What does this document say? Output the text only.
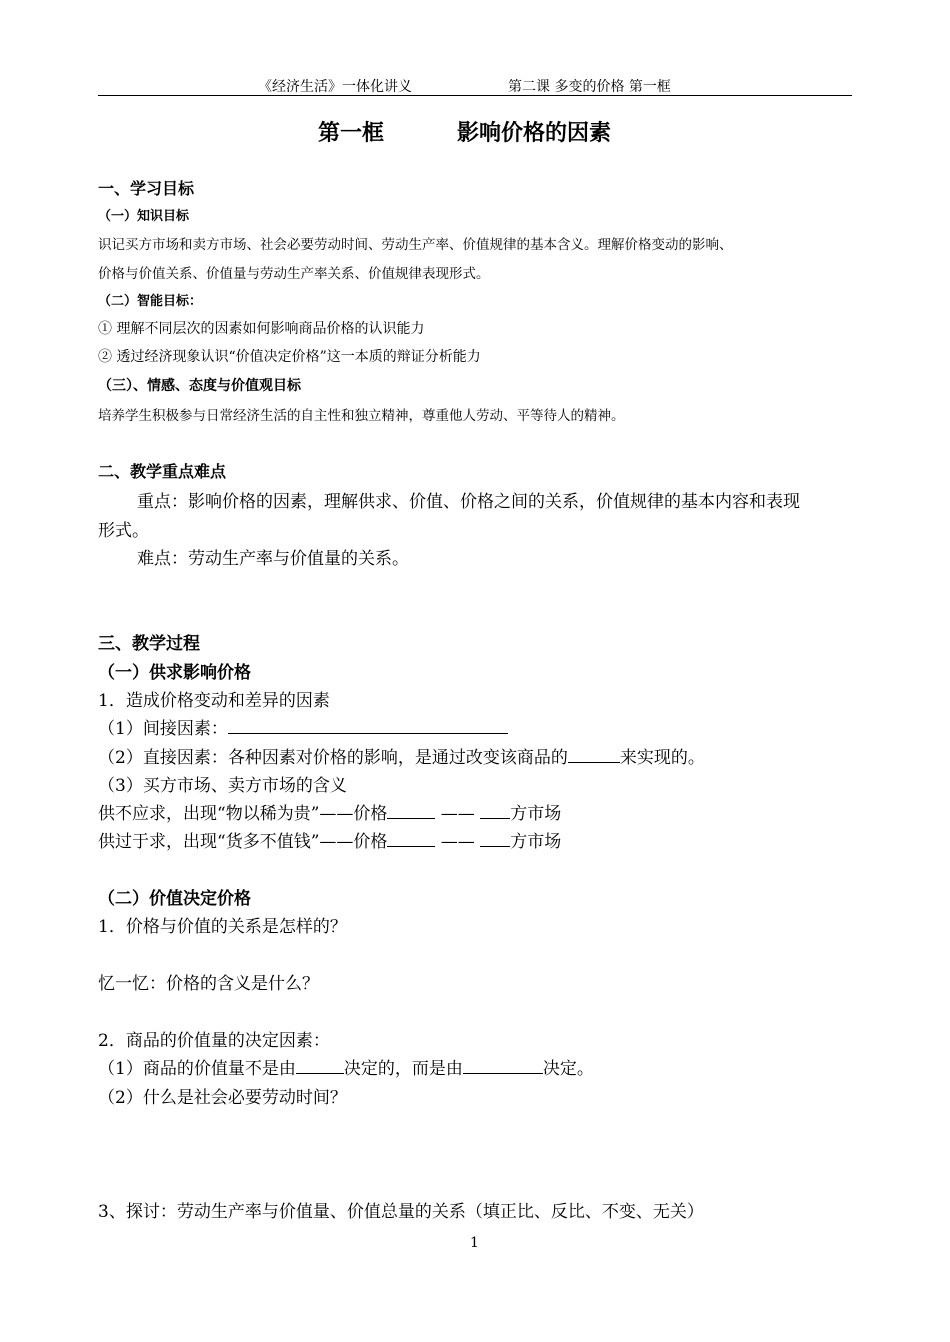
《经济生活》一体化讲义	第二课 多变的价格 第一框
第一框	影响价格的因素
一、学习目标
（一）知识目标
识记买方市场和卖方市场、社会必要劳动时间、劳动生产率、价值规律的基本含义。理解价格变动的影响、
价格与价值关系、价值量与劳动生产率关系、价值规律表现形式。
（二）智能目标：
① 理解不同层次的因素如何影响商品价格的认识能力
② 透过经济现象认识“价值决定价格”这一本质的辩证分析能力
（三）、情感、态度与价值观目标
培养学生积极参与日常经济生活的自主性和独立精神，尊重他人劳动、平等待人的精神。
二、教学重点难点
重点：影响价格的因素，理解供求、价值、价格之间的关系，价值规律的基本内容和表现
形式。
难点：劳动生产率与价值量的关系。
三、教学过程
（一）供求影响价格
1．造成价格变动和差异的因素
（1）间接因素：
（2）直接因素：各种因素对价格的影响，是通过改变该商品的	来实现的。
（3）买方市场、卖方市场的含义
供不应求，出现“物以稀为贵”——价格	—— 方市场
供过于求，出现“货多不值钱”——价格	—— 方市场
（二）价值决定价格
1．价格与价值的关系是怎样的？
忆一忆：价格的含义是什么？
2．商品的价值量的决定因素：
（1）商品的价值量不是由	决定的，而是由	决定。
（2）什么是社会必要劳动时间？
3、探讨：劳动生产率与价值量、价值总量的关系（填正比、反比、不变、无关）
1
